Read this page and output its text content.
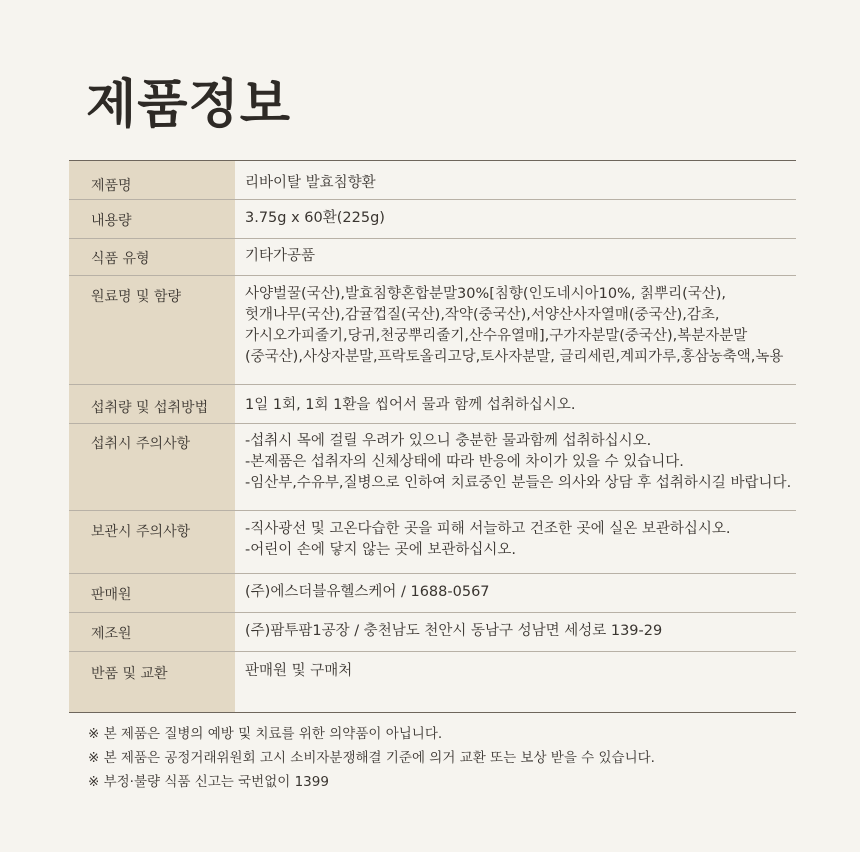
제품정보
제품명	리바이탈 발효침향환
내용량	3.75g x 60환(225g)
식품 유형	기타가공품
원료명 및 함량	사양벌꿀(국산),발효침향혼합분말30%[침향(인도네시아10%, 칡뿌리(국산),
헛개나무(국산),감귤껍질(국산),작약(중국산),서양산사자열매(중국산),감초,
가시오가피줄기,당귀,천궁뿌리줄기,산수유열매],구가자분말(중국산),복분자분말
(중국산),사상자분말,프락토올리고당,토사자분말, 글리세린,계피가루,홍삼농축액,녹용
섭취량 및 섭취방법	1일 1회, 1회 1환을 씹어서 물과 함께 섭취하십시오.
섭취시 주의사항	-섭취시 목에 걸릴 우려가 있으니 충분한 물과함께 섭취하십시오.
-본제품은 섭취자의 신체상태에 따라 반응에 차이가 있을 수 있습니다.
-임산부,수유부,질병으로 인하여 치료중인 분들은 의사와 상담 후 섭취하시길 바랍니다.
보관시 주의사항	-직사광선 및 고온다습한 곳을 피해 서늘하고 건조한 곳에 실온 보관하십시오.
-어린이 손에 닿지 않는 곳에 보관하십시오.
판매원	(주)에스더블유헬스케어 / 1688-0567
제조원	(주)팜투팜1공장 / 충천남도 천안시 동남구 성남면 세성로 139-29
반품 및 교환	판매원 및 구매처
※ 본 제품은 질병의 예방 및 치료를 위한 의약품이 아닙니다.
※ 본 제품은 공정거래위원회 고시 소비자분쟁해결 기준에 의거 교환 또는 보상 받을 수 있습니다.
※ 부정·불량 식품 신고는 국번없이 1399
